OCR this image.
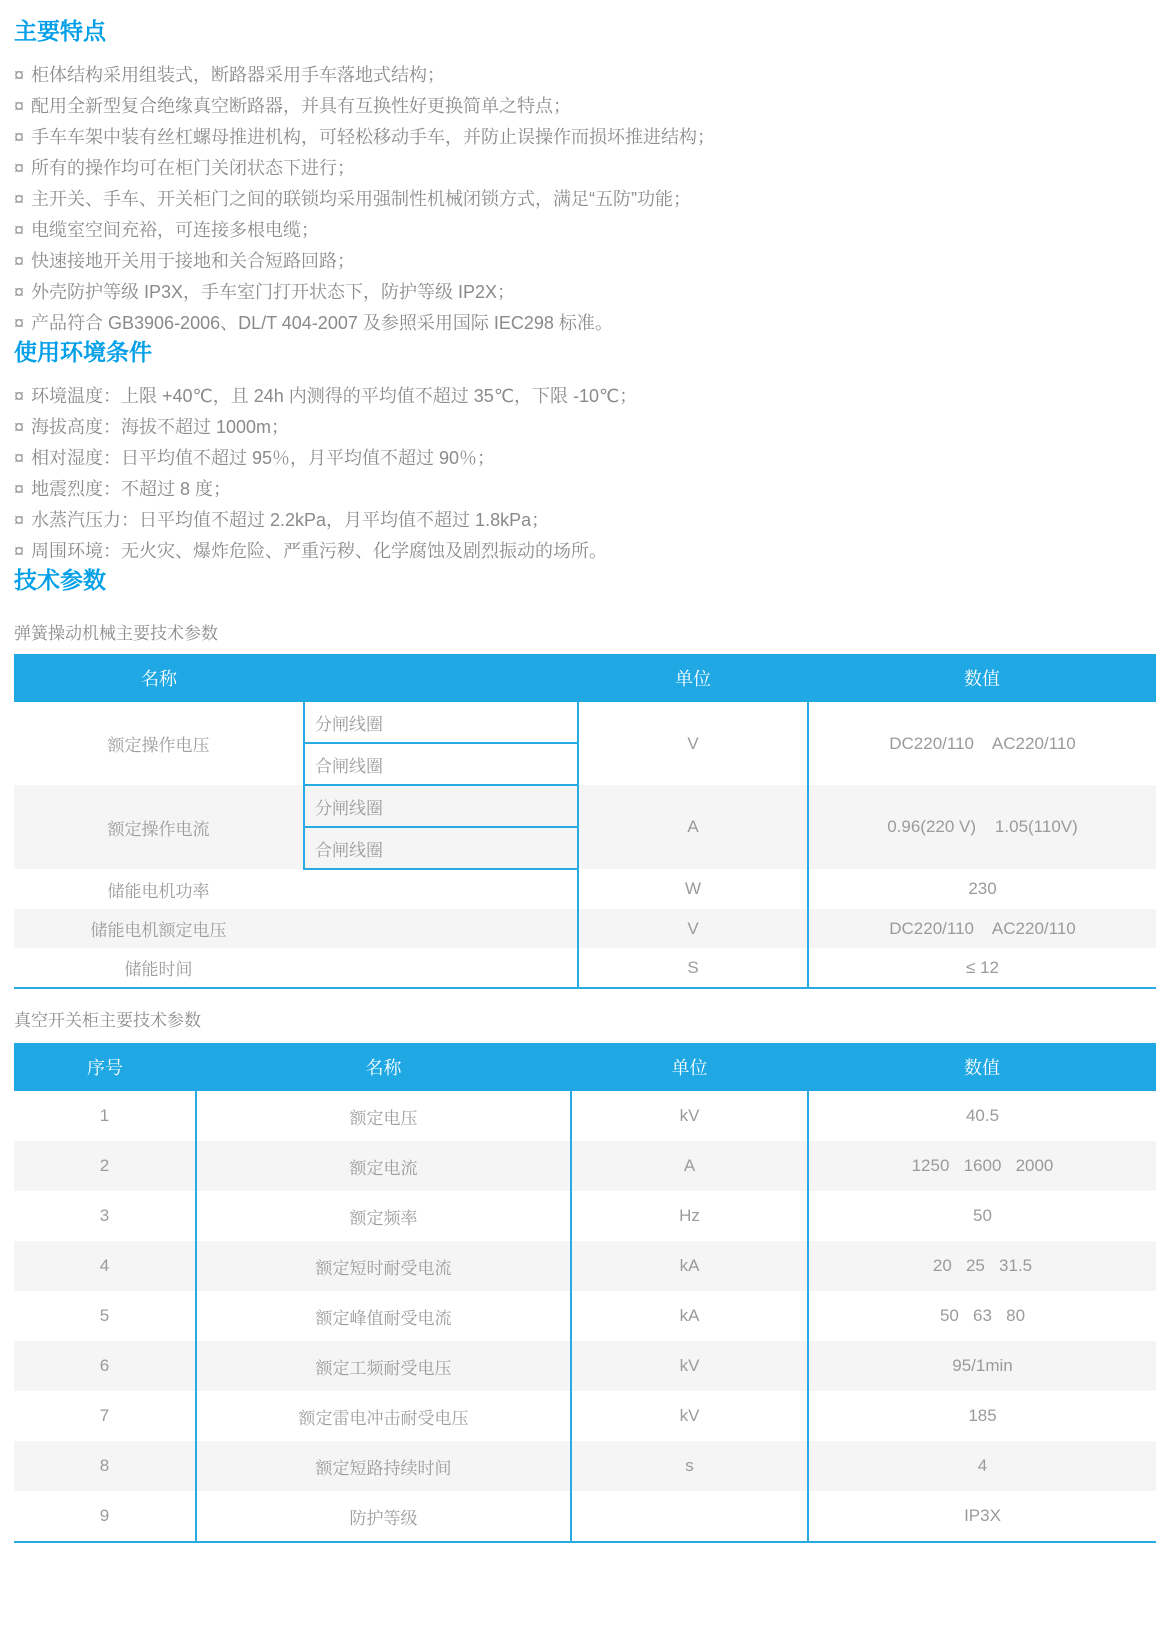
主要特点
¤ 柜体结构采用组装式，断路器采用手车落地式结构；
¤ 配用全新型复合绝缘真空断路器，并具有互换性好更换简单之特点；
¤ 手车车架中装有丝杠螺母推进机构，可轻松移动手车，并防止误操作而损坏推进结构；
¤ 所有的操作均可在柜门关闭状态下进行；
¤ 主开关、手车、开关柜门之间的联锁均采用强制性机械闭锁方式，满足“五防”功能；
¤ 电缆室空间充裕，可连接多根电缆；
¤ 快速接地开关用于接地和关合短路回路；
¤ 外壳防护等级 IP3X，手车室门打开状态下，防护等级 IP2X；
¤ 产品符合 GB3906-2006、DL/T 404-2007 及参照采用国际 IEC298 标准。
使用环境条件
¤ 环境温度：上限 +40℃，且 24h 内测得的平均值不超过 35℃，下限 -10℃；
¤ 海拔高度：海拔不超过 1000m；
¤ 相对湿度：日平均值不超过 95％，月平均值不超过 90％；
¤ 地震烈度：不超过 8 度；
¤ 水蒸汽压力：日平均值不超过 2.2kPa，月平均值不超过 1.8kPa；
¤ 周围环境：无火灾、爆炸危险、严重污秽、化学腐蚀及剧烈振动的场所。
技术参数
弹簧操动机械主要技术参数
名称		单位	数值
额定操作电压	分闸线圈	V	DC220/110    AC220/110
	合闸线圈		
额定操作电流	分闸线圈	A	0.96(220 V)    1.05(110V)
	合闸线圈		
储能电机功率		W	230
储能电机额定电压		V	DC220/110    AC220/110
储能时间		S	≤ 12
真空开关柜主要技术参数
序号	名称	单位	数值
1	额定电压	kV	40.5
2	额定电流	A	1250   1600   2000
3	额定频率	Hz	50
4	额定短时耐受电流	kA	20   25   31.5
5	额定峰值耐受电流	kA	50   63   80
6	额定工频耐受电压	kV	95/1min
7	额定雷电冲击耐受电压	kV	185
8	额定短路持续时间	s	4
9	防护等级		IP3X
